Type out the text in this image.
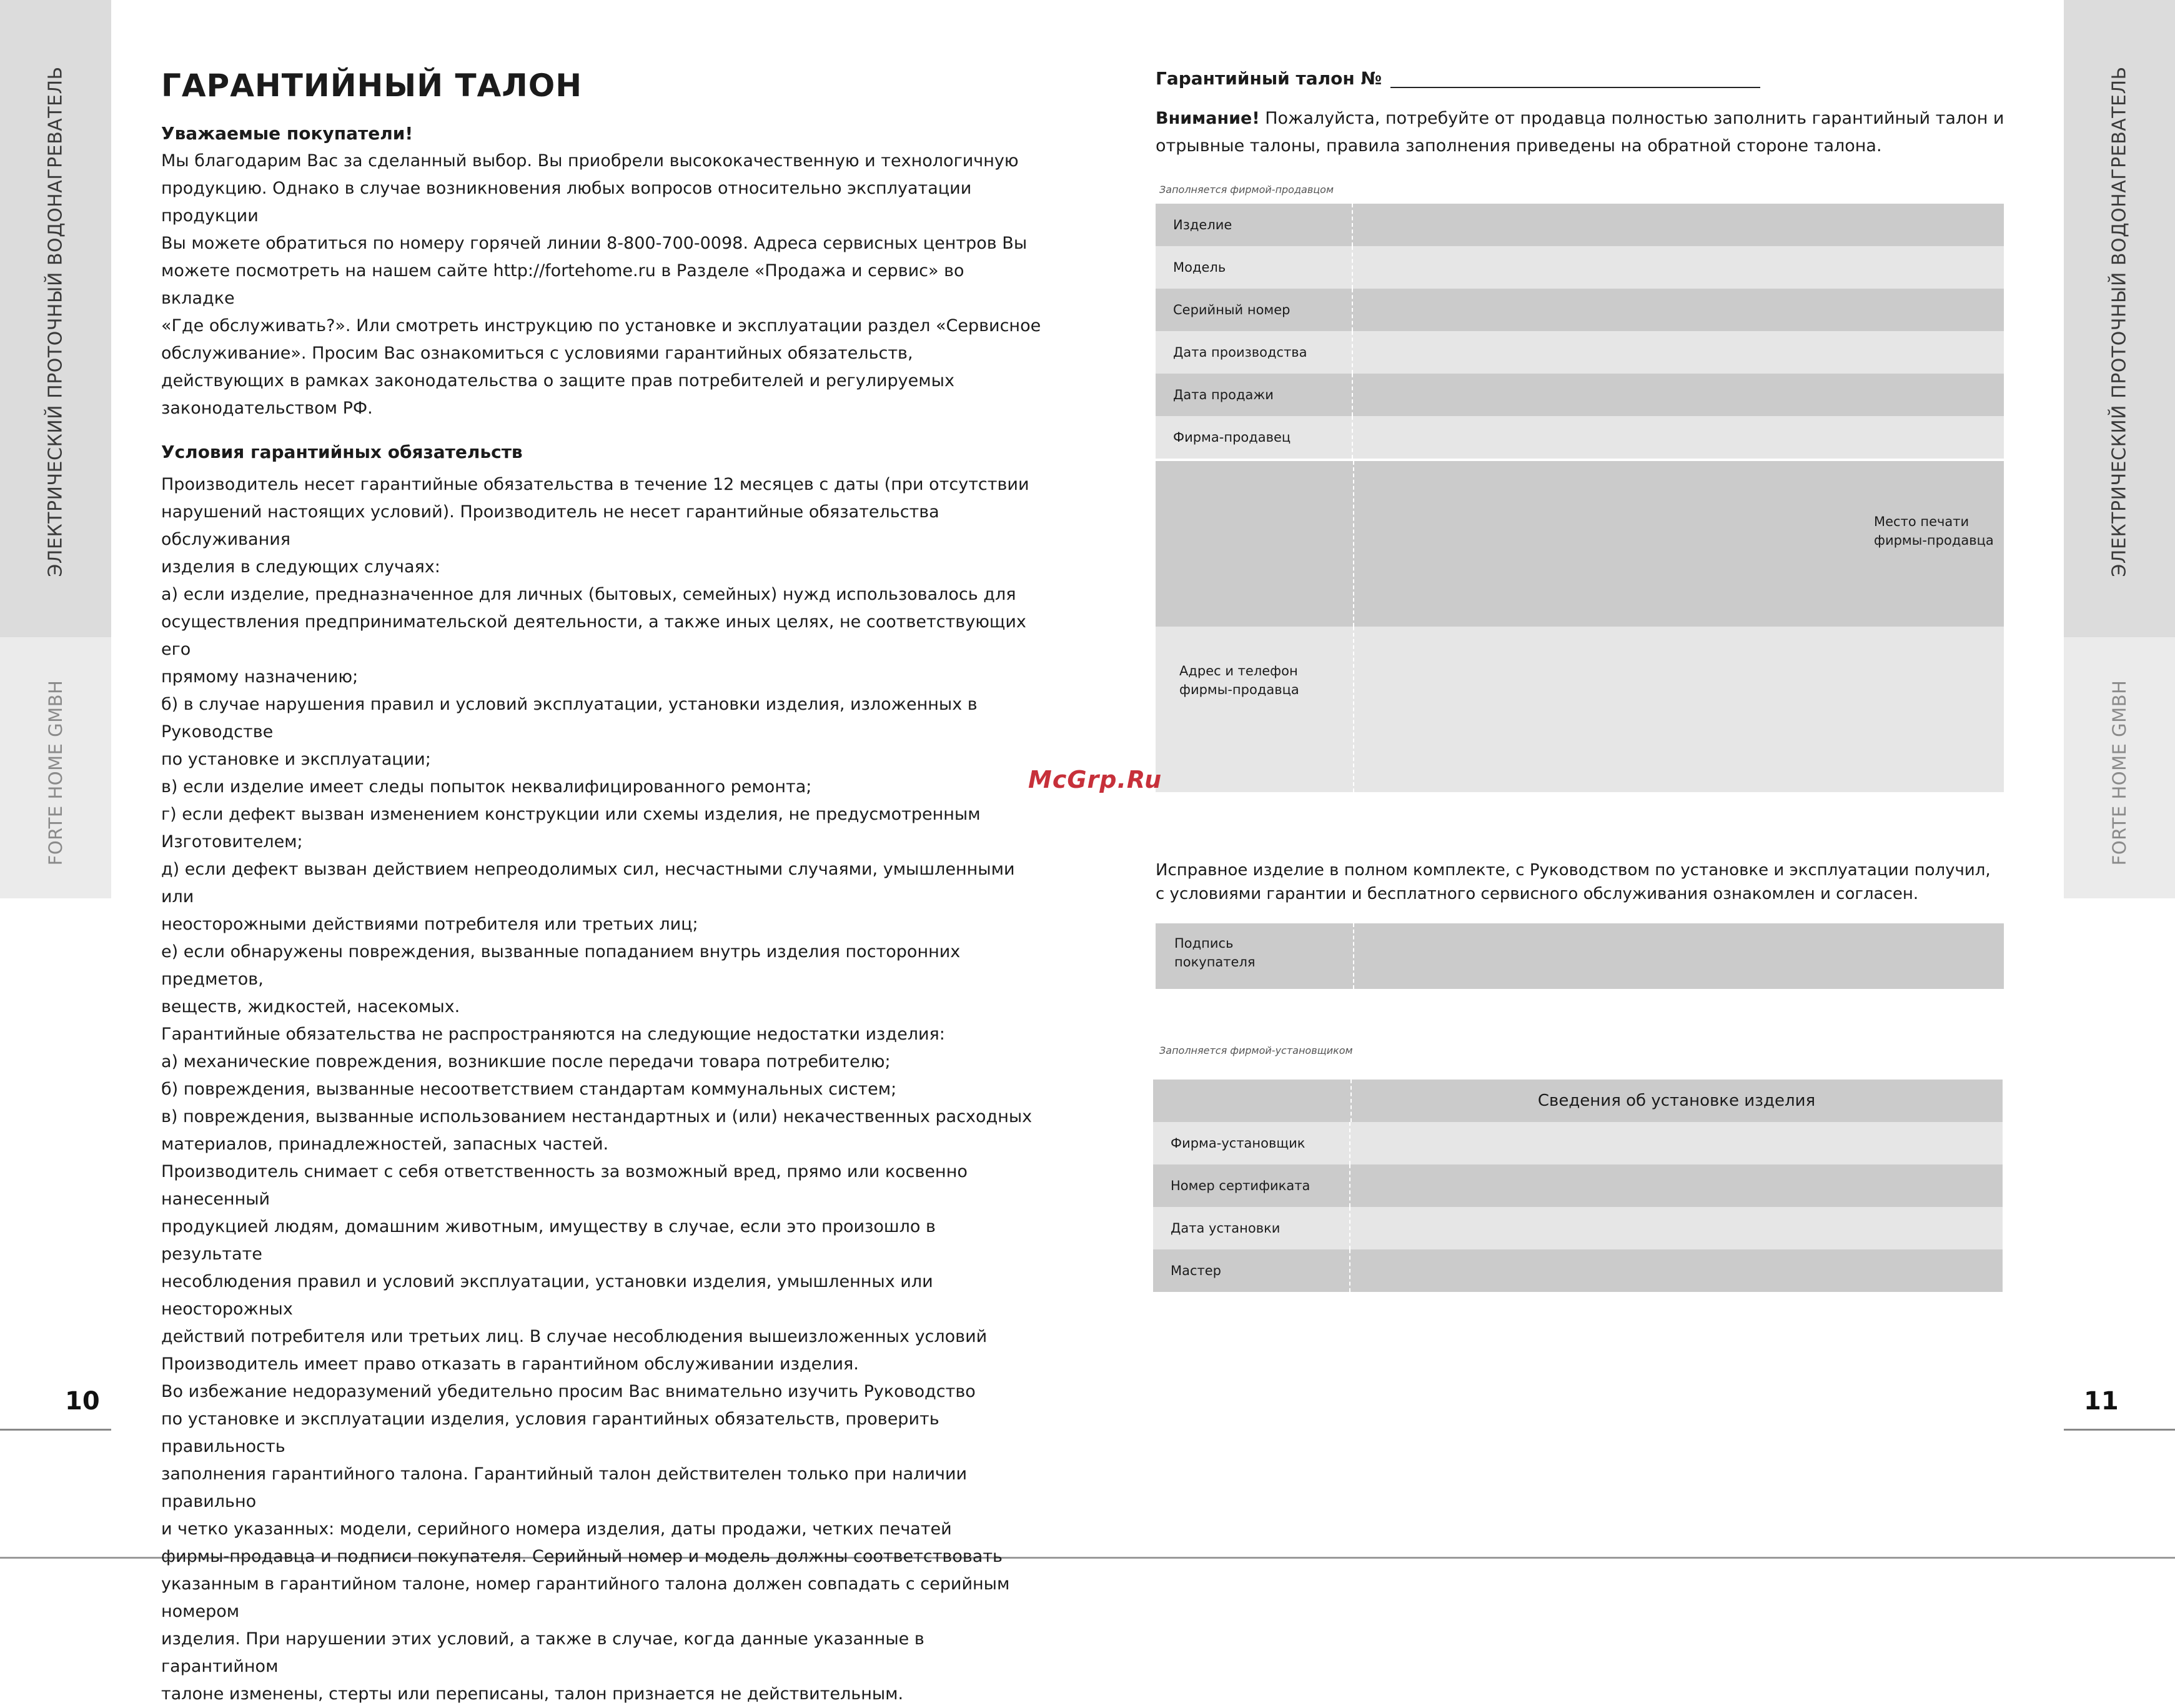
ЭЛЕКТРИЧЕСКИЙ ПРОТОЧНЫЙ ВОДОНАГРЕВАТЕЛЬ
FORTE HOME GMBH
10
ЭЛЕКТРИЧЕСКИЙ ПРОТОЧНЫЙ ВОДОНАГРЕВАТЕЛЬ
FORTE HOME GMBH
11
ГАРАНТИЙНЫЙ ТАЛОН
Уважаемые покупатели!
Мы благодарим Вас за сделанный выбор. Вы приобрели высококачественную и технологичную
продукцию. Однако в случае возникновения любых вопросов относительно эксплуатации продукции
Вы можете обратиться по номеру горячей линии 8-800-700-0098. Адреса сервисных центров Вы
можете посмотреть на нашем сайте http://fortehome.ru в Разделе «Продажа и сервис» во вкладке
«Где обслуживать?». Или смотреть инструкцию по установке и эксплуатации раздел «Сервисное
обслуживание». Просим Вас ознакомиться с условиями гарантийных обязательств,
действующих в рамках законодательства о защите прав потребителей и регулируемых
законодательством РФ.
Условия гарантийных обязательств
Производитель несет гарантийные обязательства в течение 12 месяцев с даты (при отсутствии
нарушений настоящих условий). Производитель не несет гарантийные обязательства обслуживания
изделия в следующих случаях:
а) если изделие, предназначенное для личных (бытовых, семейных) нужд использовалось для
осуществления предпринимательской деятельности, а также иных целях, не соответствующих его
прямому назначению;
б) в случае нарушения правил и условий эксплуатации, установки изделия, изложенных в Руководстве
по установке и эксплуатации;
в) если изделие имеет следы попыток неквалифицированного ремонта;
г) если дефект вызван изменением конструкции или схемы изделия, не предусмотренным
Изготовителем;
д) если дефект вызван действием непреодолимых сил, несчастными случаями, умышленными или
неосторожными действиями потребителя или третьих лиц;
е) если обнаружены повреждения, вызванные попаданием внутрь изделия посторонних предметов,
веществ, жидкостей, насекомых.
Гарантийные обязательства не распространяются на следующие недостатки изделия:
а) механические повреждения, возникшие после передачи товара потребителю;
б) повреждения, вызванные несоответствием стандартам коммунальных систем;
в) повреждения, вызванные использованием нестандартных и (или) некачественных расходных
материалов, принадлежностей, запасных частей.
Производитель снимает с себя ответственность за возможный вред, прямо или косвенно нанесенный
продукцией людям, домашним животным, имуществу в случае, если это произошло в результате
несоблюдения правил и условий эксплуатации, установки изделия, умышленных или неосторожных
действий потребителя или третьих лиц. В случае несоблюдения вышеизложенных условий
Производитель имеет право отказать в гарантийном обслуживании изделия.
Во избежание недоразумений убедительно просим Вас внимательно изучить Руководство
по установке и эксплуатации изделия, условия гарантийных обязательств, проверить правильность
заполнения гарантийного талона. Гарантийный талон действителен только при наличии правильно
и четко указанных: модели, серийного номера изделия, даты продажи, четких печатей
фирмы-продавца и подписи покупателя. Серийный номер и модель должны соответствовать
указанным в гарантийном талоне, номер гарантийного талона должен совпадать с серийным номером
изделия. При нарушении этих условий, а также в случае, когда данные указанные в гарантийном
талоне изменены, стерты или переписаны, талон признается не действительным.
Гарантийный талон №
Внимание! Пожалуйста, потребуйте от продавца полностью заполнить гарантийный талон и отрывные талоны, правила заполнения приведены на обратной стороне талона.
Заполняется фирмой-продавцом
Изделие
Модель
Серийный номер
Дата производства
Дата продажи
Фирма-продавец
Место печати
фирмы-продавца
Адрес и телефон
фирмы-продавца
McGrp.Ru
Исправное изделие в полном комплекте, с Руководством по установке и эксплуатации получил,
с условиями гарантии и бесплатного сервисного обслуживания ознакомлен и согласен.
Подпись
покупателя
Заполняется фирмой-установщиком
Сведения об установке изделия
Фирма-установщик
Номер сертификата
Дата установки
Мастер
